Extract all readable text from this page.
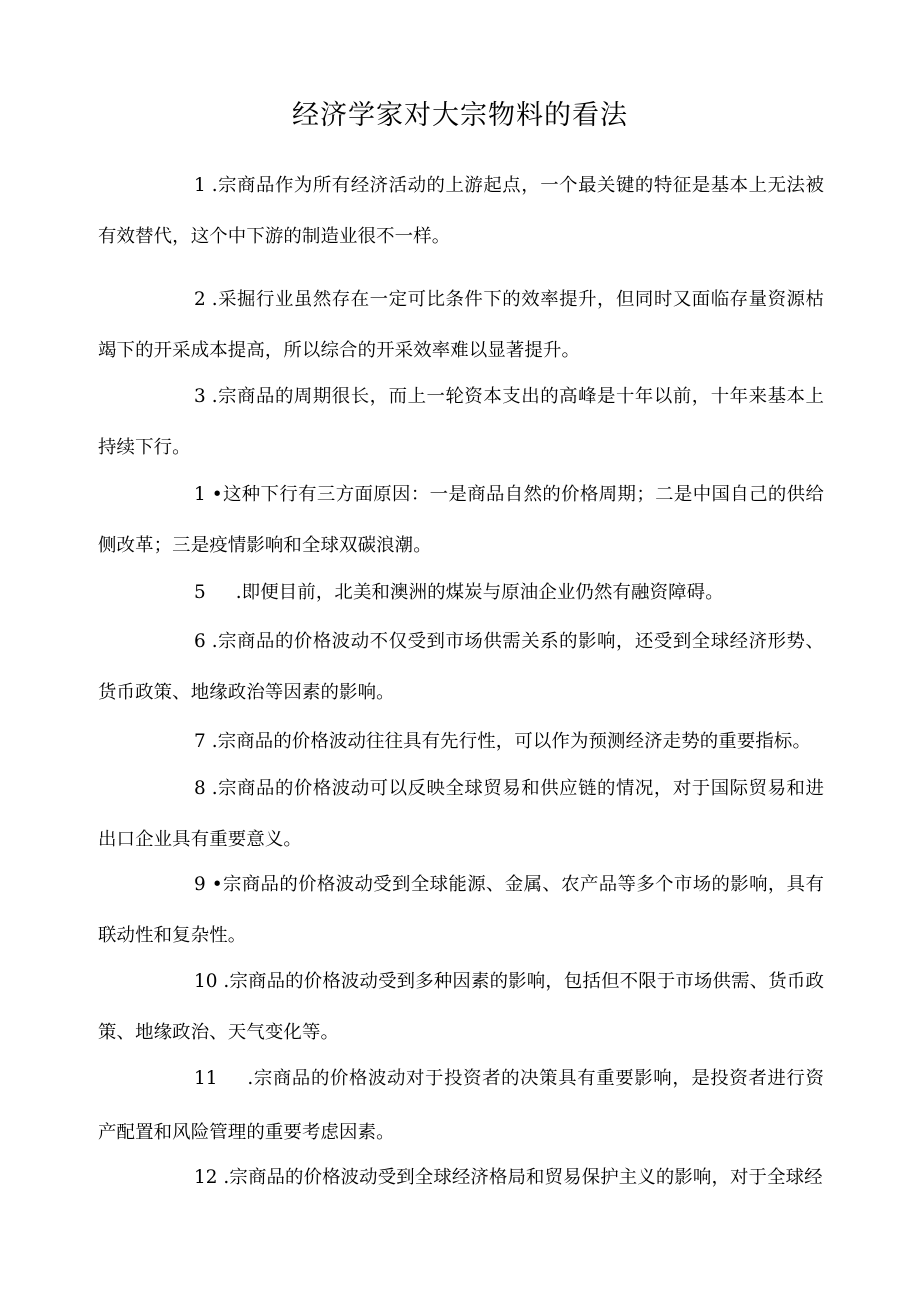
经济学家对大宗物料的看法

1 .宗商品作为所有经济活动的上游起点，一个最关键的特征是基本上无法被有效替代，这个中下游的制造业很不一样。

2 .采掘行业虽然存在一定可比条件下的效率提升，但同时又面临存量资源枯竭下的开采成本提高，所以综合的开采效率难以显著提升。

3 .宗商品的周期很长，而上一轮资本支出的高峰是十年以前，十年来基本上持续下行。

1 •这种下行有三方面原因：一是商品自然的价格周期；二是中国自己的供给侧改革；三是疫情影响和全球双碳浪潮。

5 .即便目前，北美和澳洲的煤炭与原油企业仍然有融资障碍。

6 .宗商品的价格波动不仅受到市场供需关系的影响，还受到全球经济形势、货币政策、地缘政治等因素的影响。

7 .宗商品的价格波动往往具有先行性，可以作为预测经济走势的重要指标。

8 .宗商品的价格波动可以反映全球贸易和供应链的情况，对于国际贸易和进出口企业具有重要意义。

9 •宗商品的价格波动受到全球能源、金属、农产品等多个市场的影响，具有联动性和复杂性。

10 .宗商品的价格波动受到多种因素的影响，包括但不限于市场供需、货币政策、地缘政治、天气变化等。

11 .宗商品的价格波动对于投资者的决策具有重要影响，是投资者进行资产配置和风险管理的重要考虑因素。

12 .宗商品的价格波动受到全球经济格局和贸易保护主义的影响，对于全球经
